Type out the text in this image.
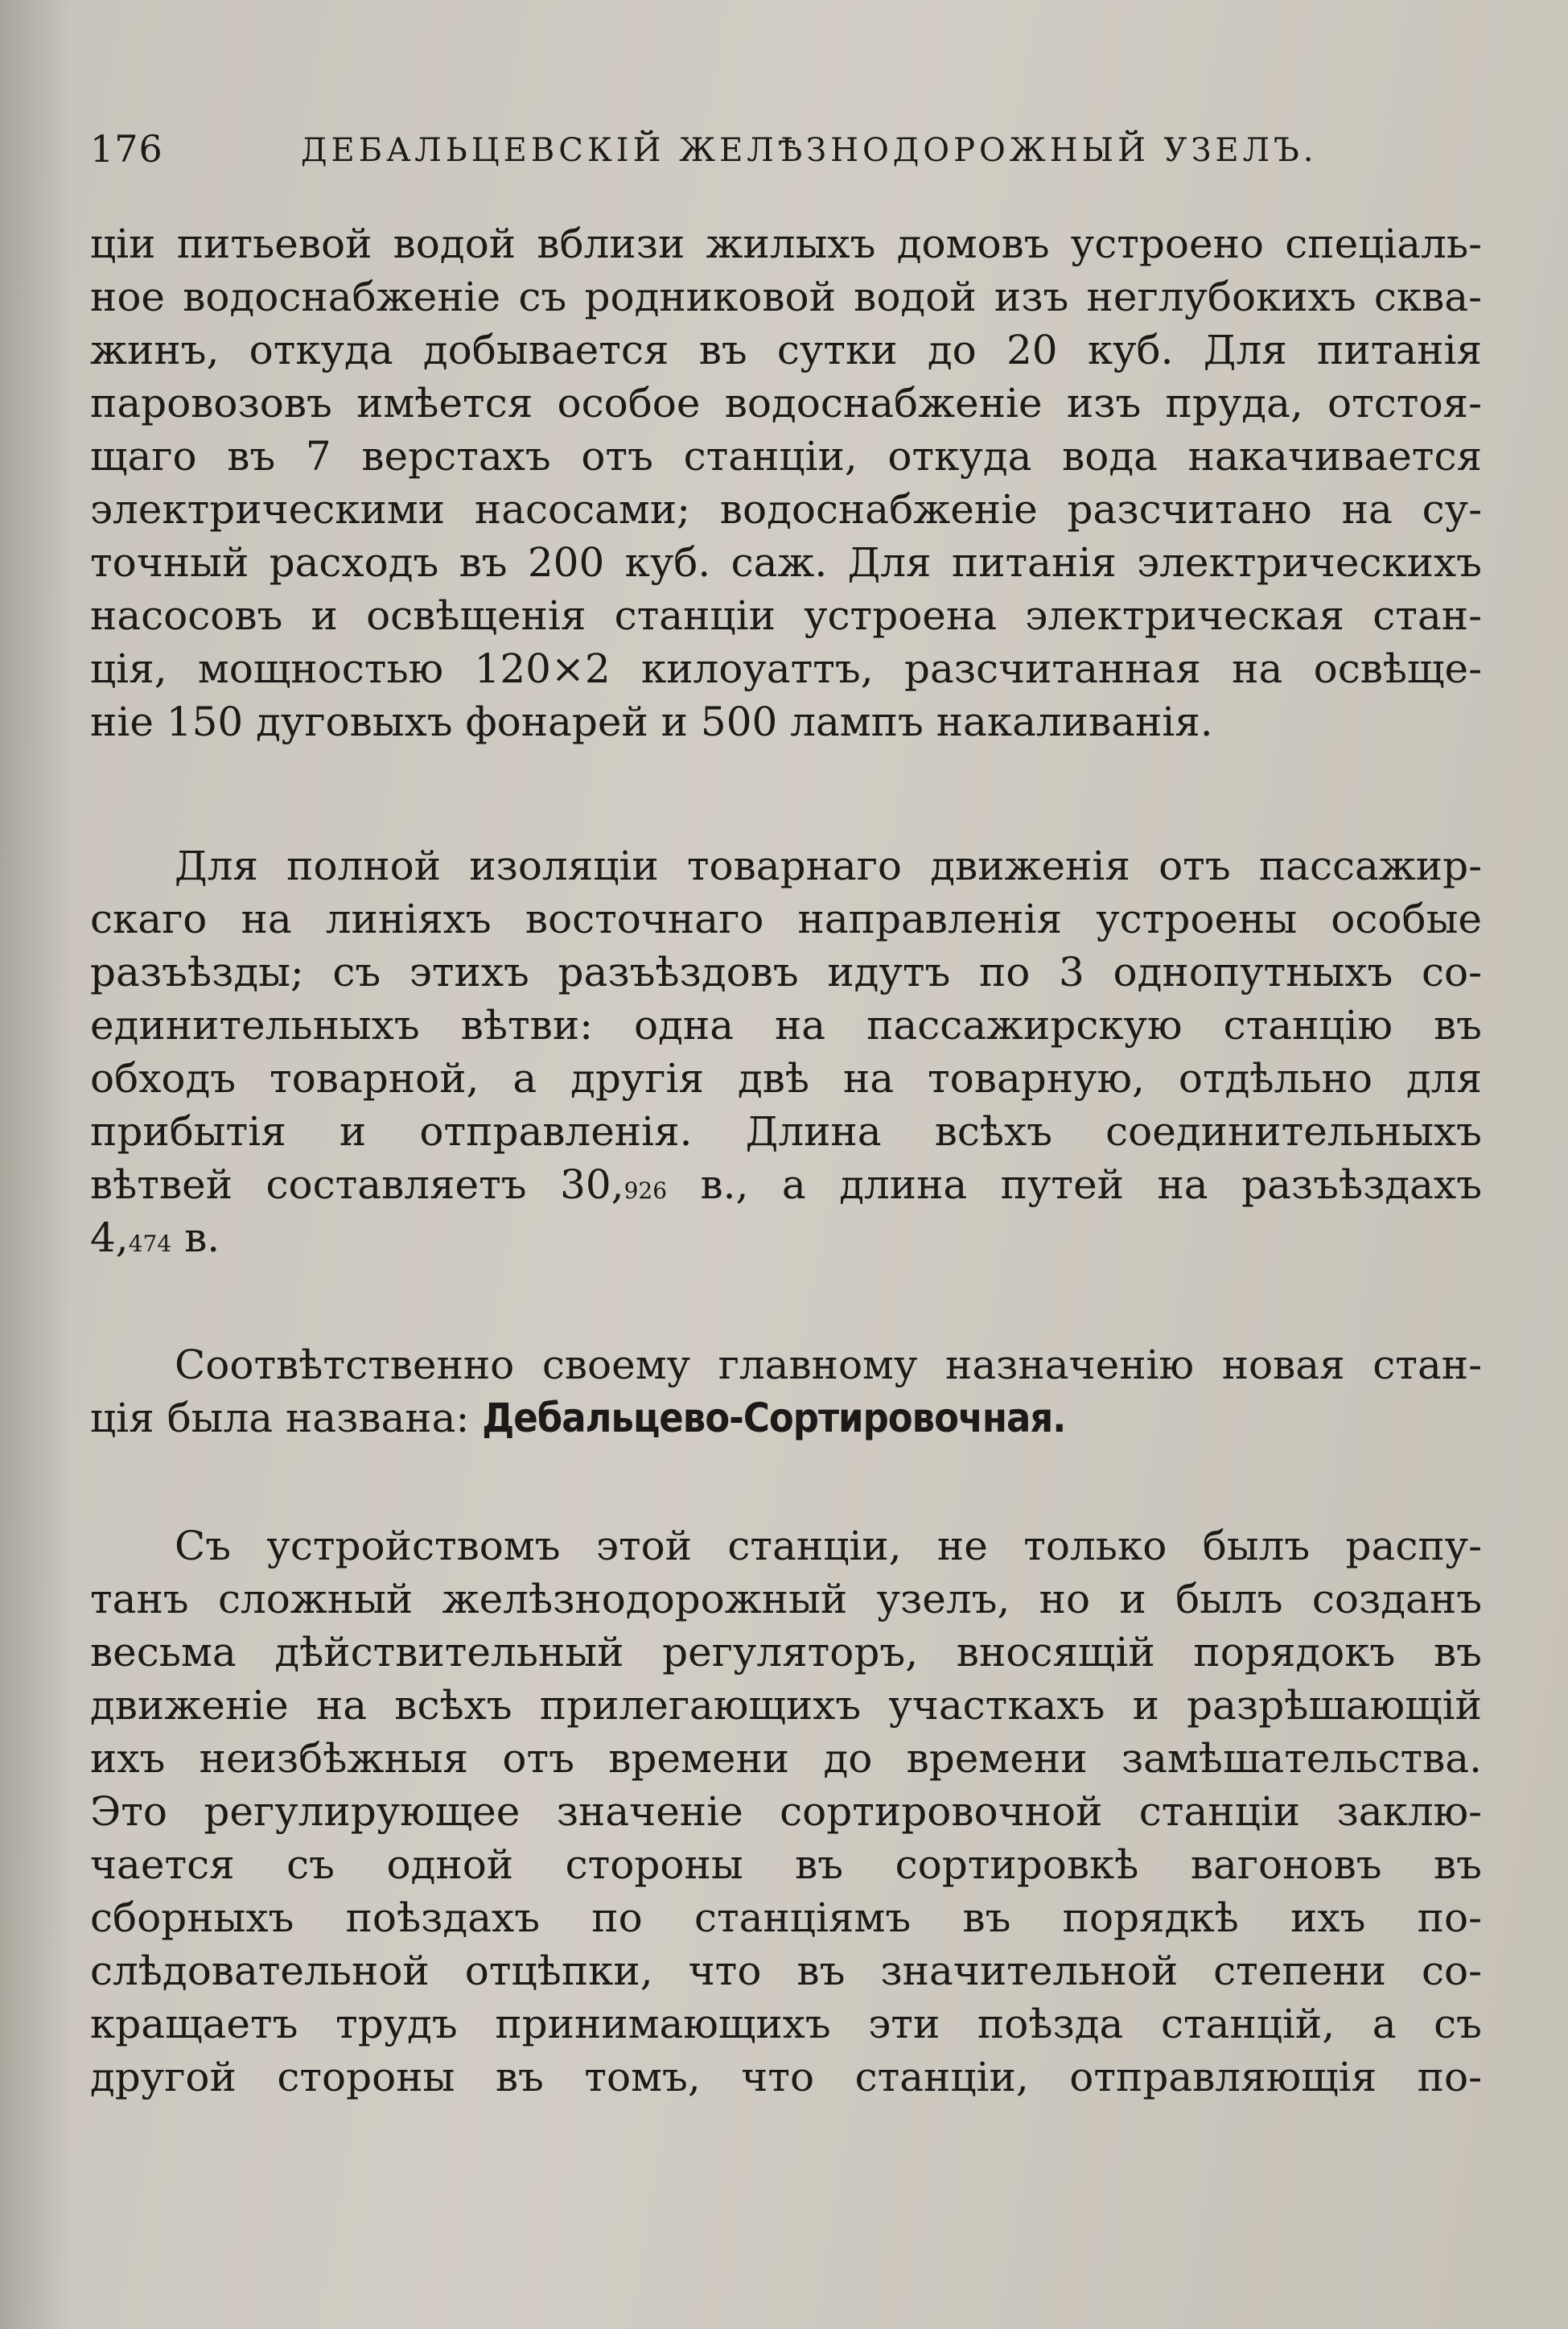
176	ДЕБАЛЬЦЕВСКІЙ ЖЕЛѢЗНОДОРОЖНЫЙ УЗЕЛЪ.
ціи питьевой водой вблизи жилыхъ домовъ устроено спеціаль-
ное водоснабженіе съ родниковой водой изъ неглубокихъ сква-
жинъ, откуда добывается въ сутки до 20 куб. Для питанія
паровозовъ имѣется особое водоснабженіе изъ пруда, отстоя-
щаго въ 7 верстахъ отъ станціи, откуда вода накачивается
электрическими насосами; водоснабженіе разсчитано на су-
точный расходъ въ 200 куб. саж. Для питанія электрическихъ
насосовъ и освѣщенія станціи устроена электрическая стан-
ція, мощностью 120×2 килоуаттъ, разсчитанная на освѣще-
ніе 150 дуговыхъ фонарей и 500 лампъ накаливанія.
Для полной изоляціи товарнаго движенія отъ пассажир-
скаго на линіяхъ восточнаго направленія устроены особые
разъѣзды; съ этихъ разъѣздовъ идутъ по 3 однопутныхъ со-
единительныхъ вѣтви: одна на пассажирскую станцію въ
обходъ товарной, а другія двѣ на товарную, отдѣльно для
прибытія и отправленія. Длина всѣхъ соединительныхъ
вѣтвей составляетъ 30,926 в., а длина путей на разъѣздахъ
4,474 в.
Соотвѣтственно своему главному назначенію новая стан-
ція была названа: Дебальцево-Сортировочная.
Съ устройствомъ этой станціи, не только былъ распу-
танъ сложный желѣзнодорожный узелъ, но и былъ созданъ
весьма дѣйствительный регуляторъ, вносящій порядокъ въ
движеніе на всѣхъ прилегающихъ участкахъ и разрѣшающій
ихъ неизбѣжныя отъ времени до времени замѣшательства.
Это регулирующее значеніе сортировочной станціи заклю-
чается съ одной стороны въ сортировкѣ вагоновъ въ
сборныхъ поѣздахъ по станціямъ въ порядкѣ ихъ по-
слѣдовательной отцѣпки, что въ значительной степени со-
кращаетъ трудъ принимающихъ эти поѣзда станцій, а съ
другой стороны въ томъ, что станціи, отправляющія по-
